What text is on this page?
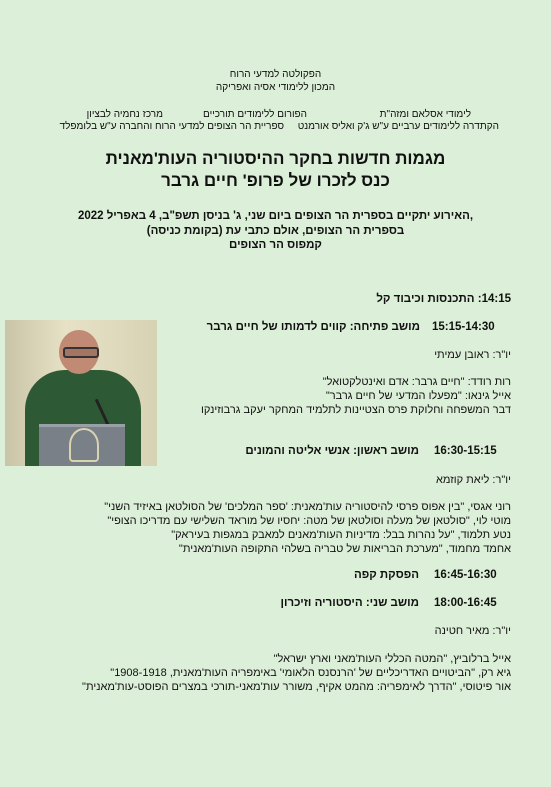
הפקולטה למדעי הרוח
המכון ללימודי אסיה ואפריקה
לימודי אסלאם ומזה"ת
הפורום ללימודים תורכיים
מרכז נחמיה לבציון
הקתדרה ללימודים ערביים ע"ש ג'ק ואליס אורמנט
ספריית הר הצופים למדעי הרוח והחברה ע"ש בלומפלד
מגמות חדשות בחקר ההיסטוריה העות'מאנית
כנס לזכרו של פרופ' חיים גרבר
האירוע יתקיים בספרית הר הצופים ביום שני, ג' בניסן תשפ"ב, 4 באפריל 2022,
בספרית הר הצופים, אולם כתבי עת (בקומת כניסה)
קמפוס הר הצופים
14:15: התכנסות וכיבוד קל
15:15-14:30
מושב פתיחה: קווים לדמותו של חיים גרבר
יו"ר: ראובן עמיתי
רות רודד: "חיים גרבר: אדם ואינטלקטואל"
אייל גינאו: "מפעלו המדעי של חיים גרבר"
דבר המשפחה וחלוקת פרס הצטיינות לתלמיד המחקר יעקב גרבוזינקו
16:30-15:15
מושב ראשון: אנשי אליטה והמונים
יו"ר: ליאת קוזמא
רוני אגסי, "בין אפוס פרסי להיסטוריה עות'מאנית: 'ספר המלכים' של הסולטאן באיזיד השני"
מוטי לוי, "סולטאן של מעלה וסולטאן של מטה: יחסיו של מוראד השלישי עם מדריכו הצופי"
נטע תלמוד, "על נהרות בבל: מדיניות העות'מאנים למאבק במגפות בעיראק"
אחמד מחמוד, "מערכת הבריאות של טבריה בשלהי התקופה העות'מאנית"
16:45-16:30
הפסקת קפה
18:00-16:45
מושב שני: היסטוריה וזיכרון
יו"ר: מאיר חטינה
אייל ברלוביץ, "המטה הכללי העות'מאני וארץ ישראל"
גיא רק, "הביטויים האדריכליים של 'הרנסנס הלאומי' באימפריה העות'מאנית, 1908-1918"
אור פיטוסי, "הדרך לאימפריה: מהמט אקיף, משורר עות'מאני-תורכי במצרים הפוסט-עות'מאנית"
